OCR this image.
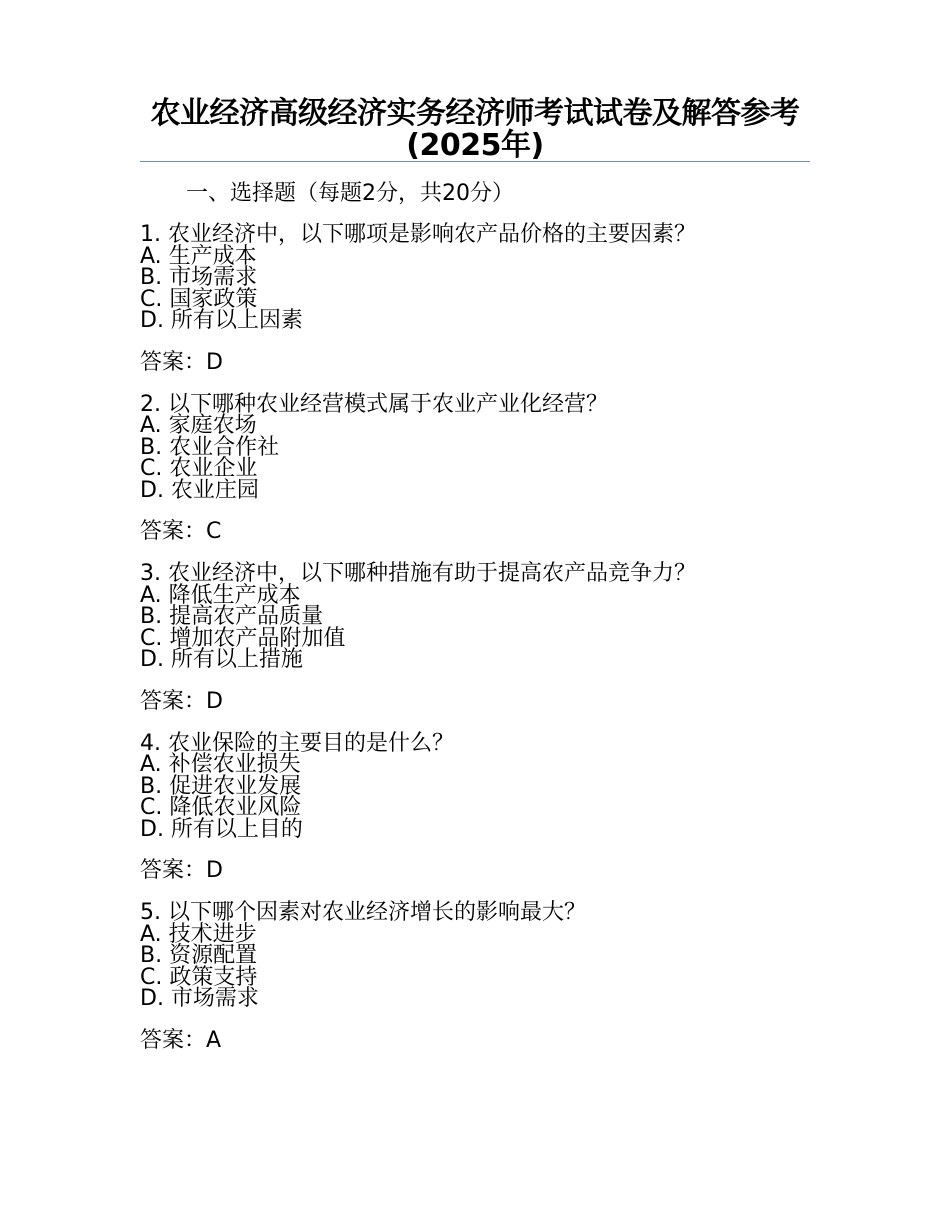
农业经济高级经济实务经济师考试试卷及解答参考(2025年)
一、选择题（每题2分，共20分）
1. 农业经济中，以下哪项是影响农产品价格的主要因素？
A. 生产成本
B. 市场需求
C. 国家政策
D. 所有以上因素
答案：D
2. 以下哪种农业经营模式属于农业产业化经营？
A. 家庭农场
B. 农业合作社
C. 农业企业
D. 农业庄园
答案：C
3. 农业经济中，以下哪种措施有助于提高农产品竞争力？
A. 降低生产成本
B. 提高农产品质量
C. 增加农产品附加值
D. 所有以上措施
答案：D
4. 农业保险的主要目的是什么？
A. 补偿农业损失
B. 促进农业发展
C. 降低农业风险
D. 所有以上目的
答案：D
5. 以下哪个因素对农业经济增长的影响最大？
A. 技术进步
B. 资源配置
C. 政策支持
D. 市场需求
答案：A
